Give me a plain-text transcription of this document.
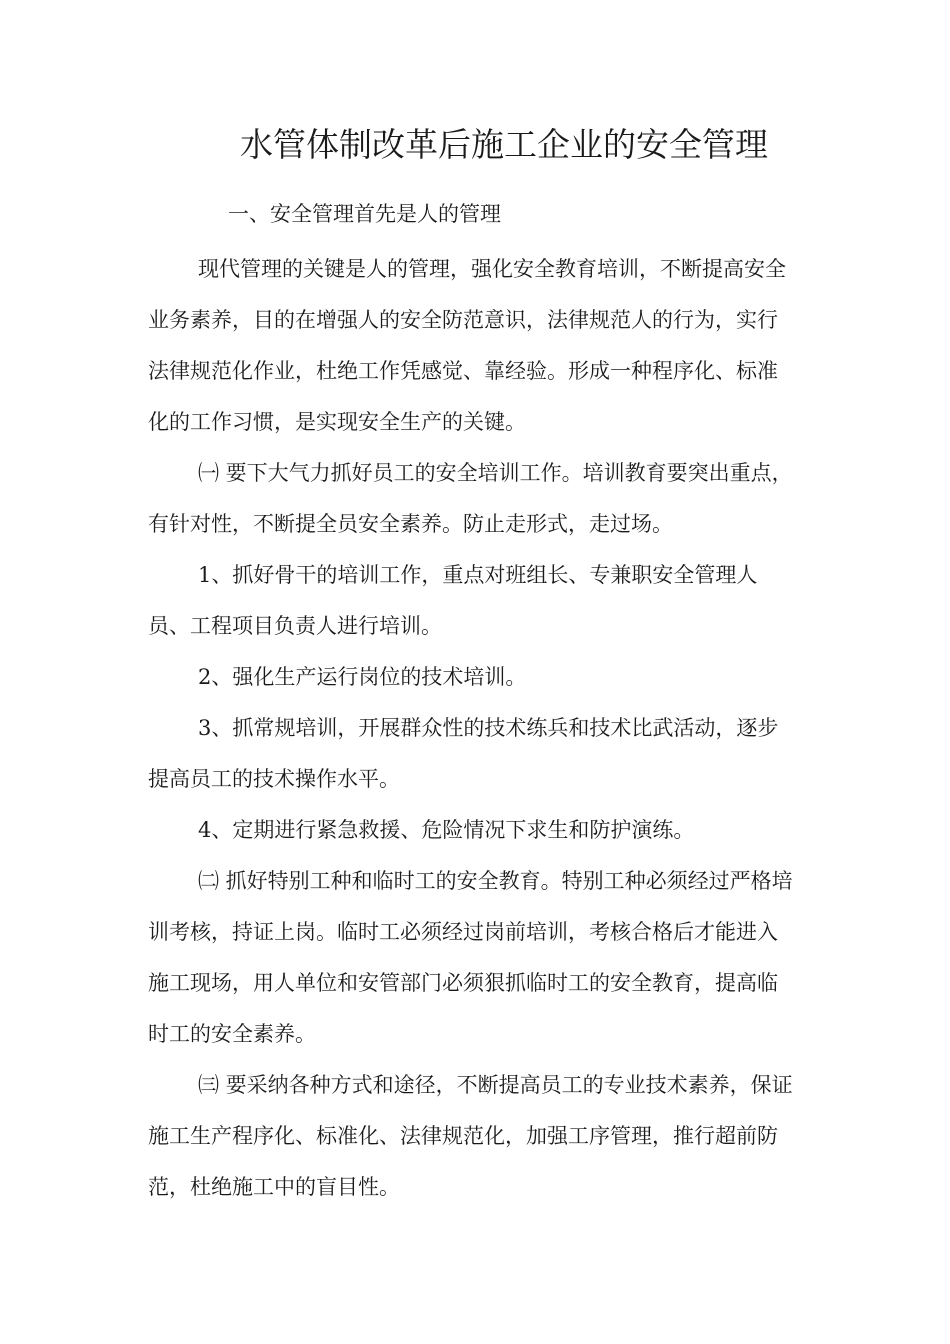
水管体制改革后施工企业的安全管理
一、安全管理首先是人的管理

现代管理的关键是人的管理，强化安全教育培训，不断提高安全业务素养，目的在增强人的安全防范意识，法律规范人的行为，实行法律规范化作业，杜绝工作凭感觉、靠经验。形成一种程序化、标准化的工作习惯，是实现安全生产的关键。

㈠ 要下大气力抓好员工的安全培训工作。培训教育要突出重点，有针对性，不断提全员安全素养。防止走形式，走过场。

1、抓好骨干的培训工作，重点对班组长、专兼职安全管理人员、工程项目负责人进行培训。

2、强化生产运行岗位的技术培训。

3、抓常规培训，开展群众性的技术练兵和技术比武活动，逐步提高员工的技术操作水平。

4、定期进行紧急救援、危险情况下求生和防护演练。

㈡ 抓好特别工种和临时工的安全教育。特别工种必须经过严格培训考核，持证上岗。临时工必须经过岗前培训，考核合格后才能进入施工现场，用人单位和安管部门必须狠抓临时工的安全教育，提高临时工的安全素养。

㈢ 要采纳各种方式和途径，不断提高员工的专业技术素养，保证施工生产程序化、标准化、法律规范化，加强工序管理，推行超前防范，杜绝施工中的盲目性。
